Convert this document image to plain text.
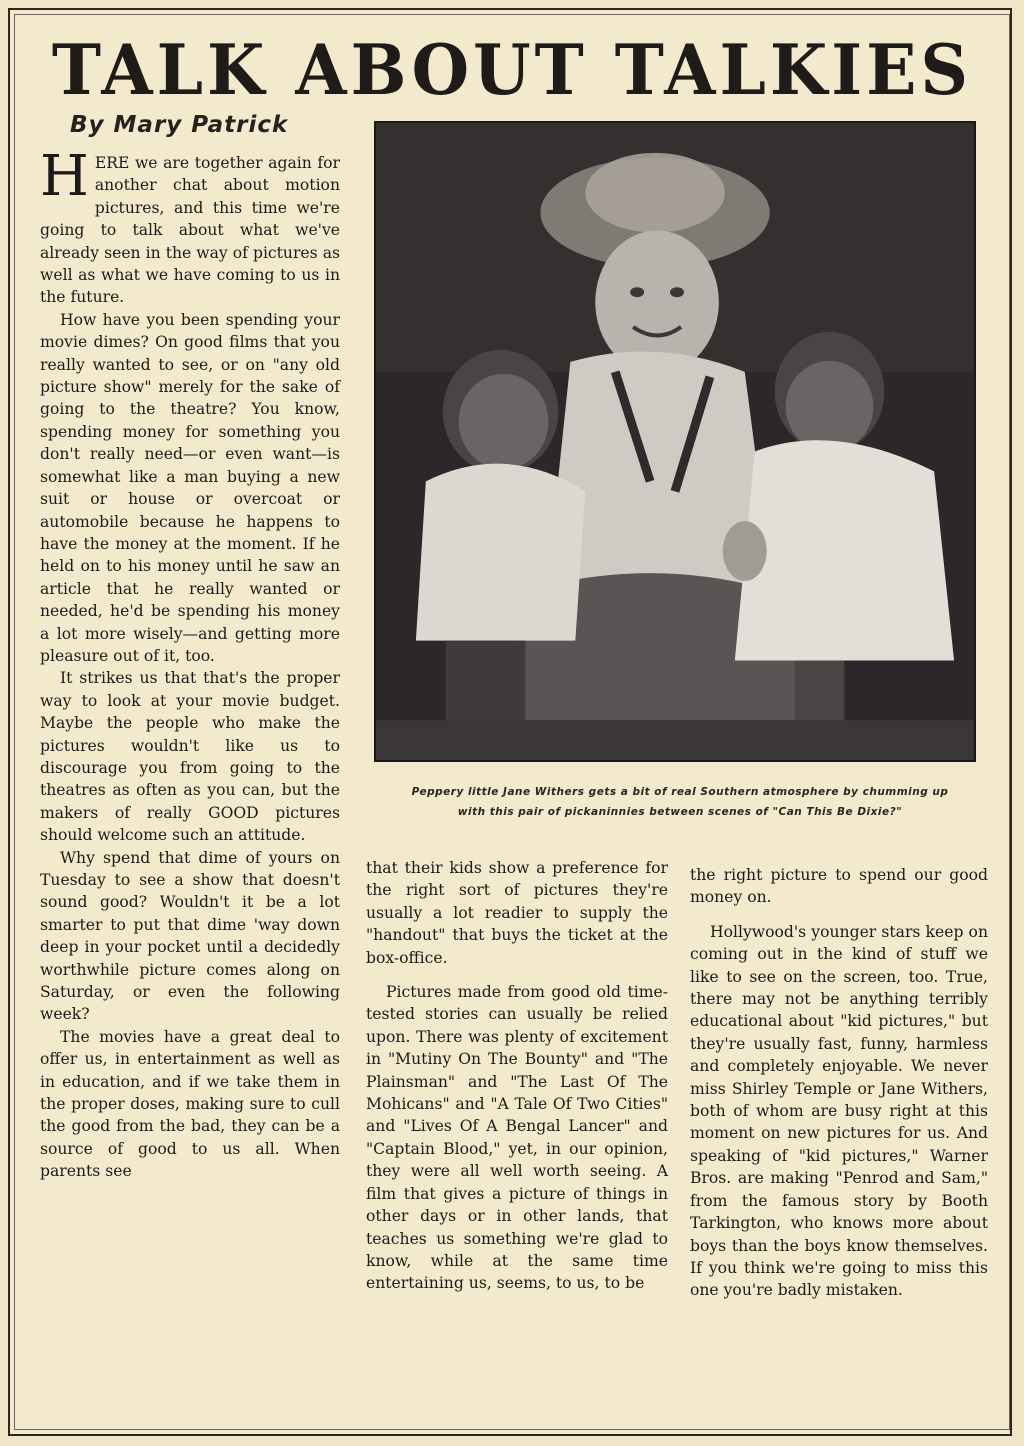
TALK ABOUT TALKIES
By Mary Patrick

HERE we are together again for another chat about motion pictures, and this time we're going to talk about what we've already seen in the way of pictures as well as what we have coming to us in the future.

How have you been spending your movie dimes? On good films that you really wanted to see, or on "any old picture show" merely for the sake of going to the theatre? You know, spending money for something you don't really need—or even want—is somewhat like a man buying a new suit or house or overcoat or automobile because he happens to have the money at the moment. If he held on to his money until he saw an article that he really wanted or needed, he'd be spending his money a lot more wisely—and getting more pleasure out of it, too.

It strikes us that that's the proper way to look at your movie budget. Maybe the people who make the pictures wouldn't like us to discourage you from going to the theatres as often as you can, but the makers of really GOOD pictures should welcome such an attitude.

Why spend that dime of yours on Tuesday to see a show that doesn't sound good? Wouldn't it be a lot smarter to put that dime 'way down deep in your pocket until a decidedly worthwhile picture comes along on Saturday, or even the following week?

The movies have a great deal to offer us, in entertainment as well as in education, and if we take them in the proper doses, making sure to cull the good from the bad, they can be a source of good to us all. When parents see

Peppery little Jane Withers gets a bit of real Southern atmosphere by chumming up with this pair of pickaninnies between scenes of "Can This Be Dixie?"

that their kids show a preference for the right sort of pictures they're usually a lot readier to supply the "handout" that buys the ticket at the box-office.

Pictures made from good old time-tested stories can usually be relied upon. There was plenty of excitement in "Mutiny On The Bounty" and "The Plainsman" and "The Last Of The Mohicans" and "A Tale Of Two Cities" and "Lives Of A Bengal Lancer" and "Captain Blood," yet, in our opinion, they were all well worth seeing. A film that gives a picture of things in other days or in other lands, that teaches us something we're glad to know, while at the same time entertaining us, seems, to us, to be

the right picture to spend our good money on.

Hollywood's younger stars keep on coming out in the kind of stuff we like to see on the screen, too. True, there may not be anything terribly educational about "kid pictures," but they're usually fast, funny, harmless and completely enjoyable. We never miss Shirley Temple or Jane Withers, both of whom are busy right at this moment on new pictures for us. And speaking of "kid pictures," Warner Bros. are making "Penrod and Sam," from the famous story by Booth Tarkington, who knows more about boys than the boys know themselves. If you think we're going to miss this one you're badly mistaken.
